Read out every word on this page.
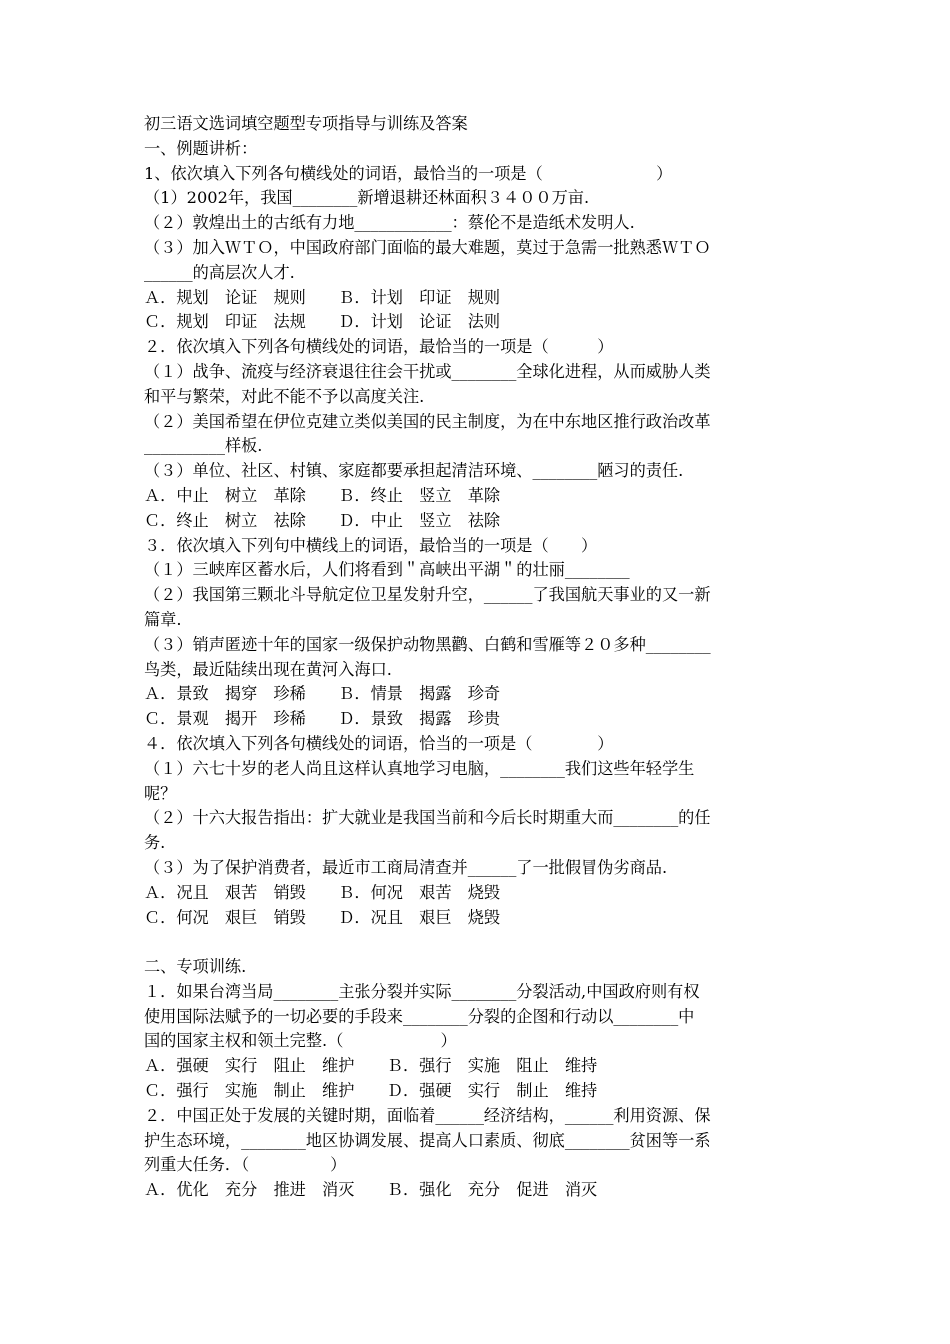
初三语文选词填空题型专项指导与训练及答案
一、例题讲析：
1、依次填入下列各句横线处的词语，最恰当的一项是（　　　　　　　）
（1）2002年，我国________新增退耕还林面积３４００万亩.
（２）敦煌出土的古纸有力地____________：蔡伦不是造纸术发明人.
（３）加入ＷＴＯ，中国政府部门面临的最大难题，莫过于急需一批熟悉ＷＴＯ
______的高层次人才.
Ａ．规划　论证　规则　　Ｂ．计划　印证　规则
Ｃ．规划　印证　法规　　Ｄ．计划　论证　法则
２．依次填入下列各句横线处的词语，最恰当的一项是（　　　）
（１）战争、流疫与经济衰退往往会干扰或________全球化进程，从而威胁人类
和平与繁荣，对此不能不予以高度关注.
（２）美国希望在伊位克建立类似美国的民主制度，为在中东地区推行政治改革
__________样板.
（３）单位、社区、村镇、家庭都要承担起清洁环境、________陋习的责任.
Ａ．中止　树立　革除　　Ｂ．终止　竖立　革除
Ｃ．终止　树立　祛除　　Ｄ．中止　竖立　祛除
３．依次填入下列句中横线上的词语，最恰当的一项是（　　）
（１）三峡库区蓄水后，人们将看到＂高峡出平湖＂的壮丽________
（２）我国第三颗北斗导航定位卫星发射升空，______了我国航天事业的又一新
篇章.
（３）销声匿迹十年的国家一级保护动物黑鹳、白鹤和雪雁等２０多种________
鸟类，最近陆续出现在黄河入海口.
Ａ．景致　揭穿　珍稀　　Ｂ．情景　揭露　珍奇
Ｃ．景观　揭开　珍稀　　Ｄ．景致　揭露　珍贵
４．依次填入下列各句横线处的词语，恰当的一项是（　　　　）
（１）六七十岁的老人尚且这样认真地学习电脑，________我们这些年轻学生
呢？
（２）十六大报告指出：扩大就业是我国当前和今后长时期重大而________的任
务.
（３）为了保护消费者，最近市工商局清查并______了一批假冒伪劣商品.
Ａ．况且　艰苦　销毁　　Ｂ．何况　艰苦　烧毁
Ｃ．何况　艰巨　销毁　　Ｄ．况且　艰巨　烧毁
二、专项训练.
１．如果台湾当局________主张分裂并实际________分裂活动,中国政府则有权
使用国际法赋予的一切必要的手段来________分裂的企图和行动以________中
国的国家主权和领土完整.（　　　　　　）
Ａ．强硬　实行　阻止　维护　　Ｂ．强行　实施　阻止　维持
Ｃ．强行　实施　制止　维护　　Ｄ．强硬　实行　制止　维持
２．中国正处于发展的关键时期，面临着______经济结构，______利用资源、保
护生态环境，________地区协调发展、提高人口素质、彻底________贫困等一系
列重大任务．（　　　　　）
Ａ．优化　充分　推进　消灭　　Ｂ．强化　充分　促进　消灭
